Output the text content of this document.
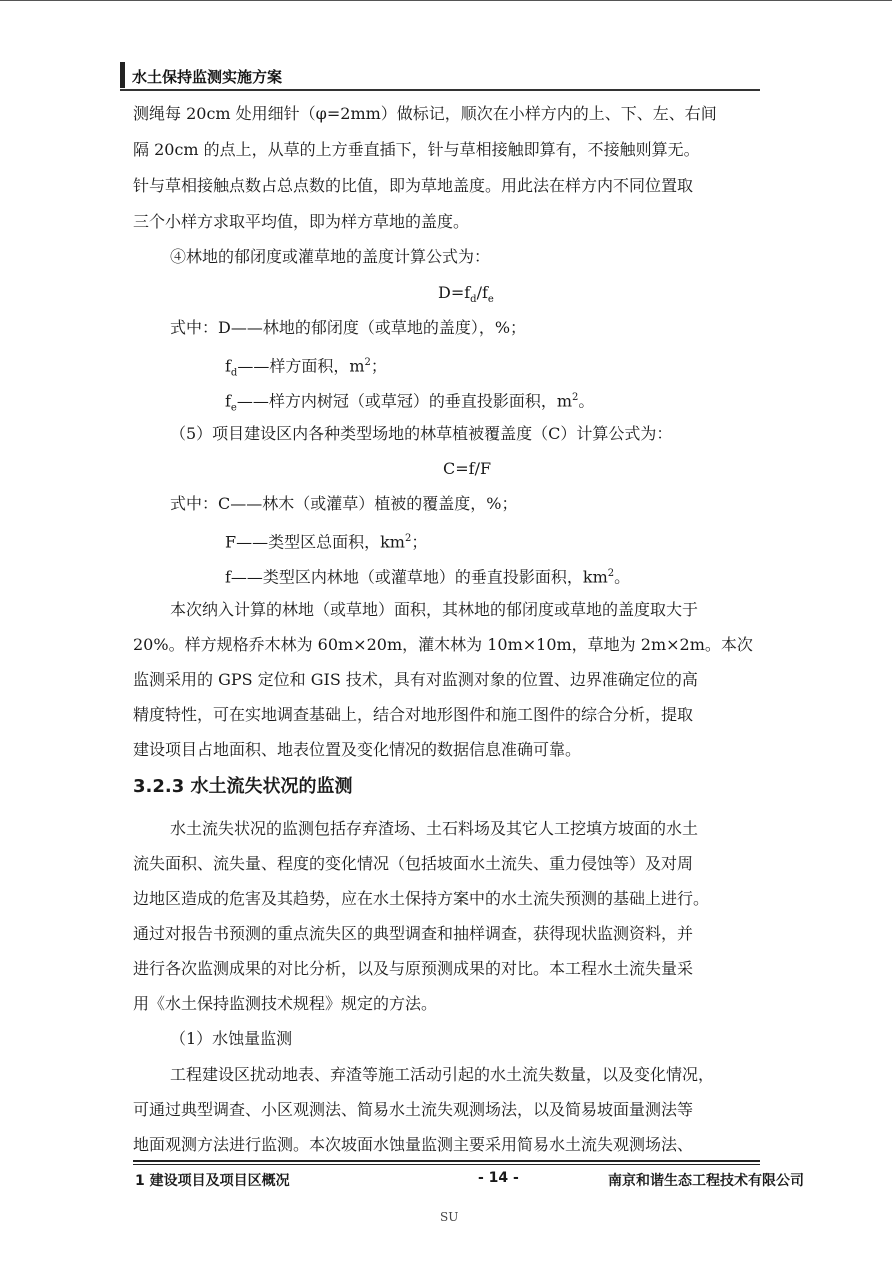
水土保持监测实施方案
测绳每 20cm 处用细针（φ=2mm）做标记，顺次在小样方内的上、下、左、右间
隔 20cm 的点上，从草的上方垂直插下，针与草相接触即算有，不接触则算无。
针与草相接触点数占总点数的比值，即为草地盖度。用此法在样方内不同位置取
三个小样方求取平均值，即为样方草地的盖度。
④林地的郁闭度或灌草地的盖度计算公式为：
$D=f_d/f_e$
式中：D——林地的郁闭度（或草地的盖度），%；
$f_d——$样方面积，$m^2$；
$f_e——$样方内树冠（或草冠）的垂直投影面积，$m^2$。
（5）项目建设区内各种类型场地的林草植被覆盖度（C）计算公式为：
C=f/F
式中：C——林木（或灌草）植被的覆盖度，%；
F——类型区总面积，$km^2$；
f——类型区内林地（或灌草地）的垂直投影面积，$km^2$。
本次纳入计算的林地（或草地）面积，其林地的郁闭度或草地的盖度取大于
20%。样方规格乔木林为 60m×20m，灌木林为 10m×10m，草地为 2m×2m。本次
监测采用的 GPS 定位和 GIS 技术，具有对监测对象的位置、边界准确定位的高
精度特性，可在实地调查基础上，结合对地形图件和施工图件的综合分析，提取
建设项目占地面积、地表位置及变化情况的数据信息准确可靠。
3.2.3 水土流失状况的监测
水土流失状况的监测包括存弃渣场、土石料场及其它人工挖填方坡面的水土
流失面积、流失量、程度的变化情况（包括坡面水土流失、重力侵蚀等）及对周
边地区造成的危害及其趋势，应在水土保持方案中的水土流失预测的基础上进行。
通过对报告书预测的重点流失区的典型调查和抽样调查，获得现状监测资料，并
进行各次监测成果的对比分析，以及与原预测成果的对比。本工程水土流失量采
用《水土保持监测技术规程》规定的方法。
（1）水蚀量监测
工程建设区扰动地表、弃渣等施工活动引起的水土流失数量，以及变化情况，
可通过典型调查、小区观测法、简易水土流失观测场法，以及简易坡面量测法等
地面观测方法进行监测。本次坡面水蚀量监测主要采用简易水土流失观测场法、
1 建设项目及项目区概况	- 14 -	南京和谐生态工程技术有限公司
SU
